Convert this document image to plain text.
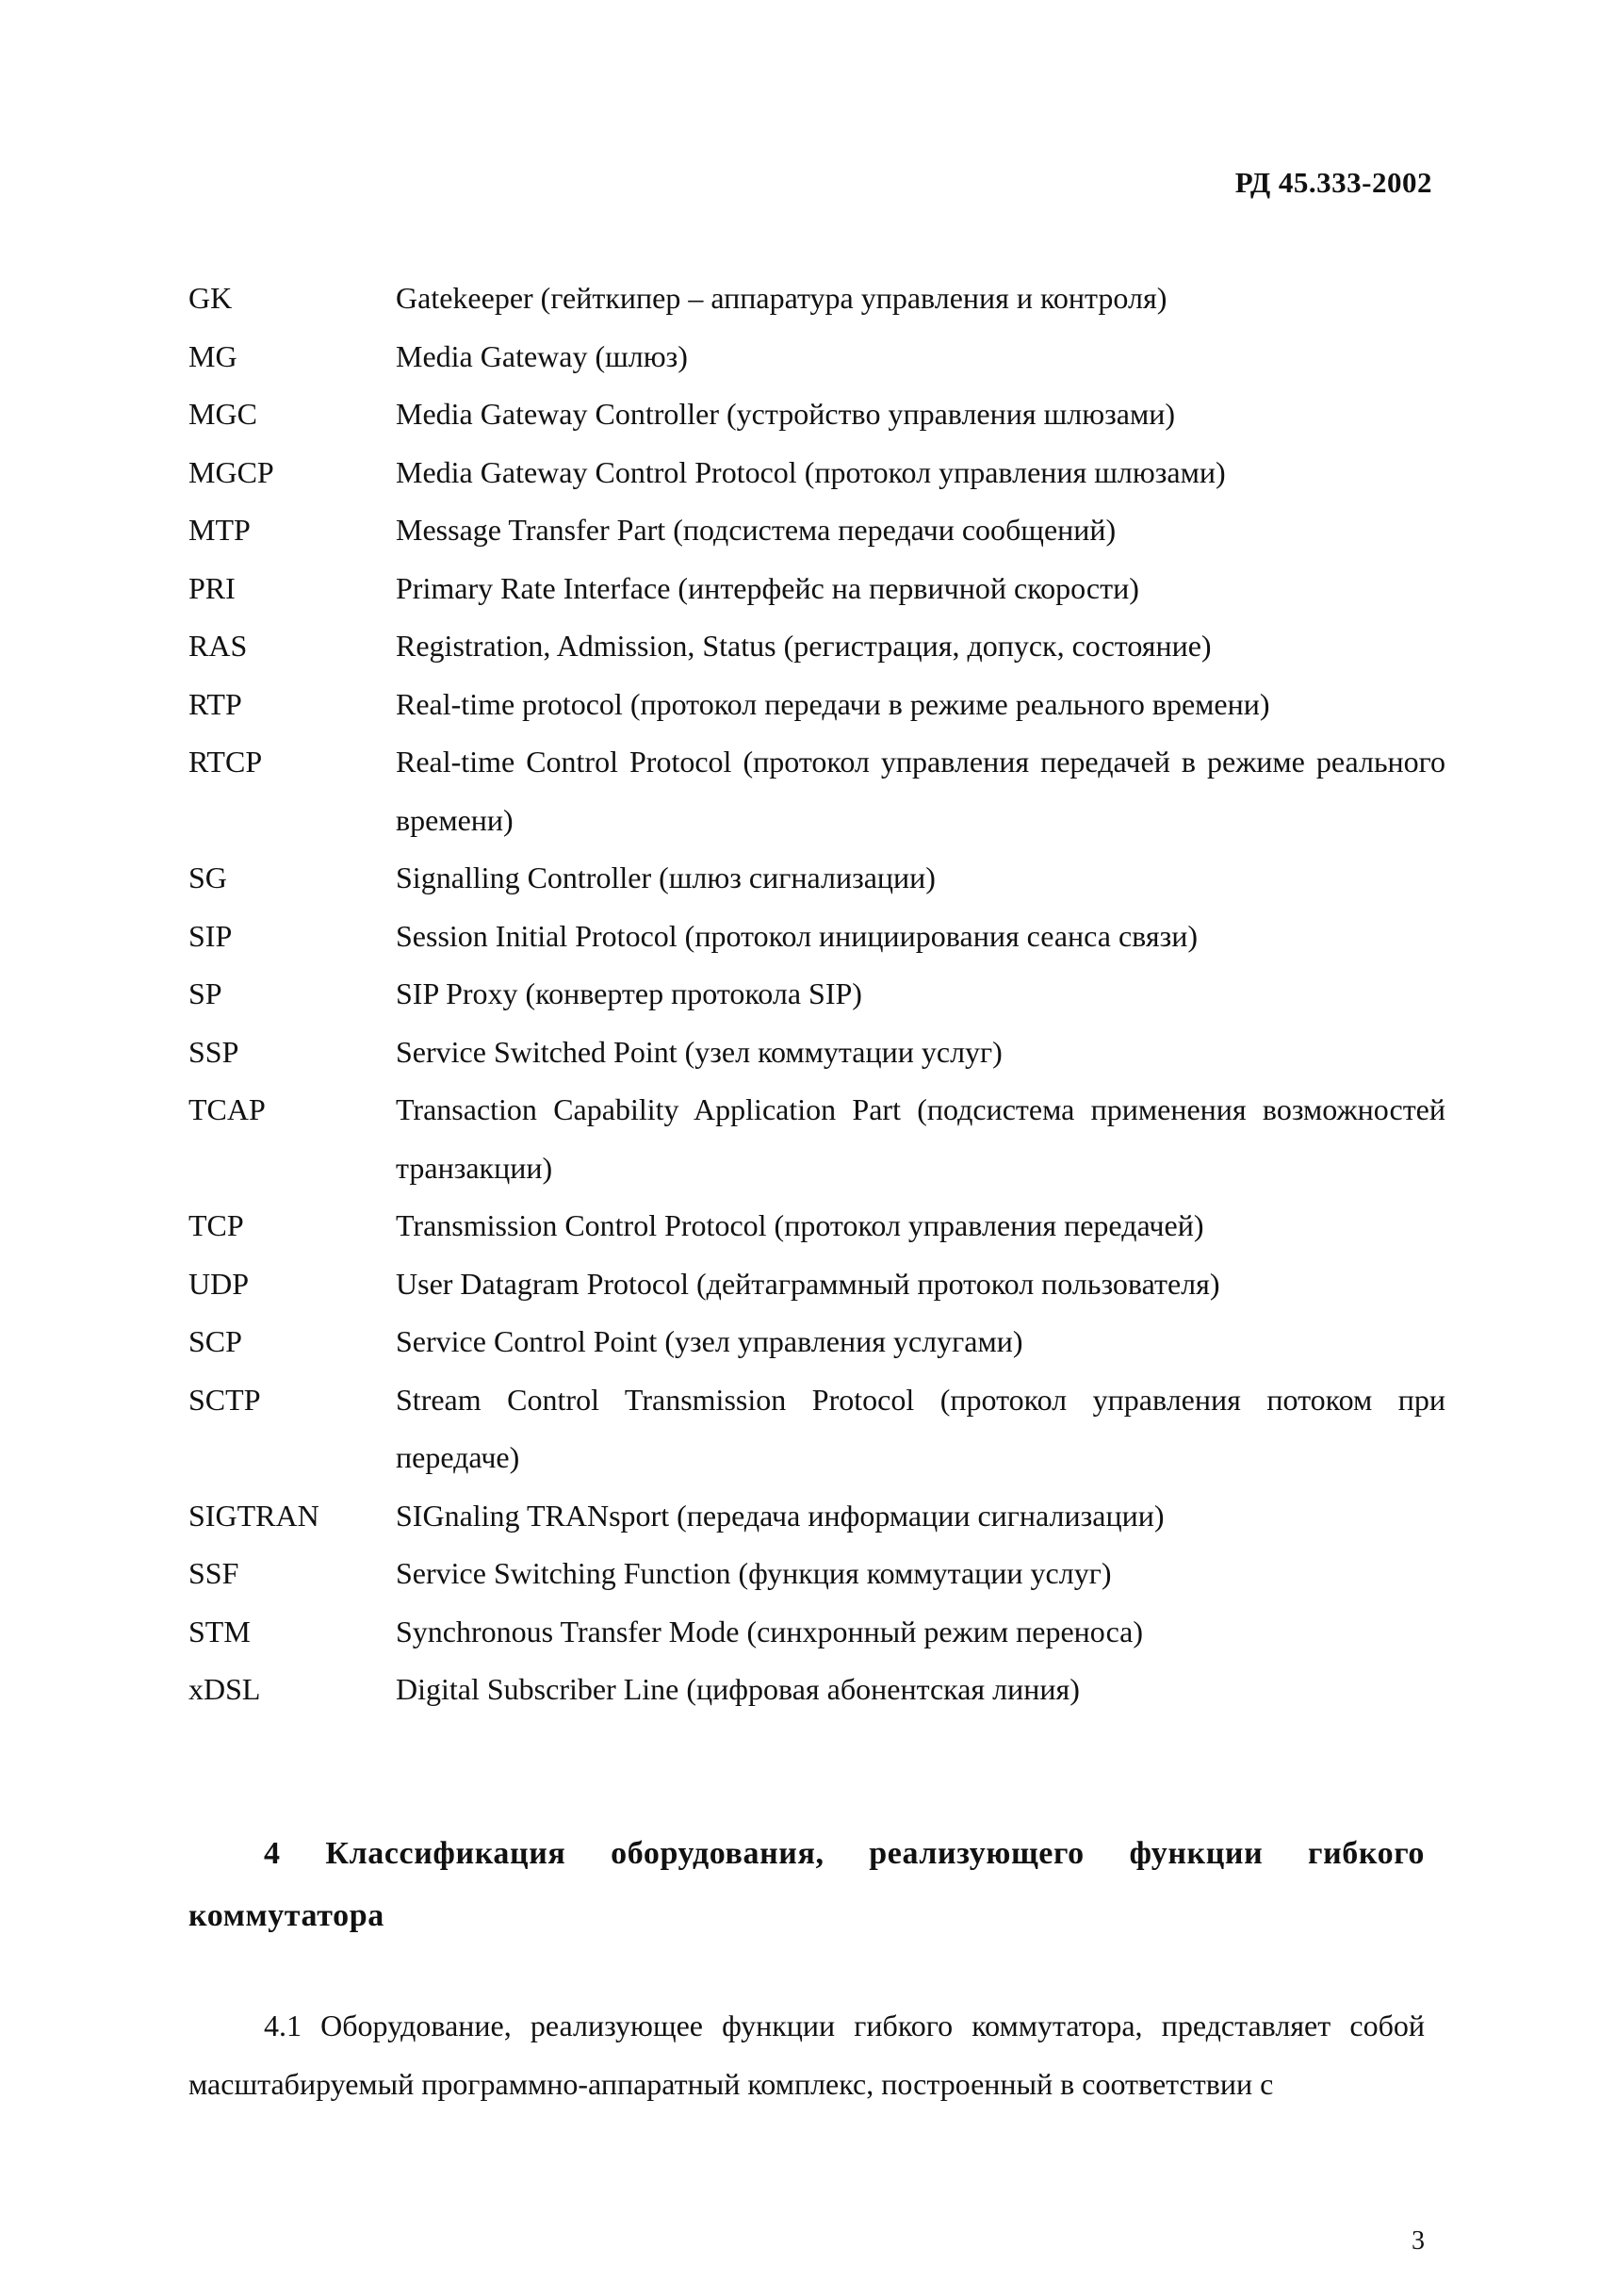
РД 45.333-2002
GK	Gatekeeper (гейткипер – аппаратура управления и контроля)
MG	Media Gateway (шлюз)
MGC	Media Gateway Controller (устройство управления шлюзами)
MGCP	Media Gateway Control Protocol (протокол управления шлюзами)
MTP	Message Transfer Part (подсистема передачи сообщений)
PRI	Primary Rate Interface (интерфейс на первичной скорости)
RAS	Registration, Admission, Status (регистрация, допуск, состояние)
RTP	Real-time protocol (протокол передачи в режиме реального времени)
RTCP	Real-time Control Protocol (протокол управления передачей в режиме реального времени)
SG	Signalling Controller (шлюз сигнализации)
SIP	Session Initial Protocol (протокол инициирования сеанса связи)
SP	SIP Proxy (конвертер протокола SIP)
SSP	Service Switched Point (узел коммутации услуг)
TCAP	Transaction Capability Application Part (подсистема применения возможностей транзакции)
TCP	Transmission Control Protocol (протокол управления передачей)
UDP	User Datagram Protocol (дейтаграммный протокол пользователя)
SCP	Service Control Point (узел управления услугами)
SCTP	Stream Control Transmission Protocol (протокол управления потоком при передаче)
SIGTRAN	SIGnaling TRANsport (передача информации сигнализации)
SSF	Service Switching Function (функция коммутации услуг)
STM	Synchronous Transfer Mode (синхронный режим переноса)
xDSL	Digital Subscriber Line (цифровая абонентская линия)
4 Классификация оборудования, реализующего функции гибкого коммутатора
4.1 Оборудование, реализующее функции гибкого коммутатора, представляет собой масштабируемый программно-аппаратный комплекс, построенный в соответствии с
3
